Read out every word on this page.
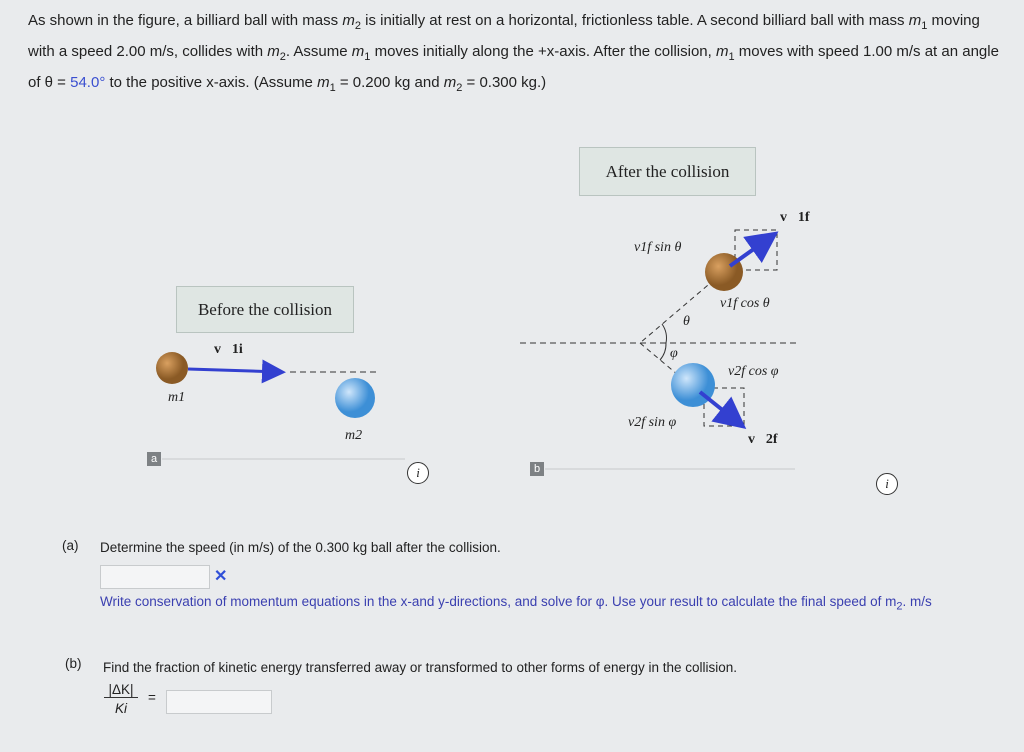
As shown in the figure, a billiard ball with mass $m_2$ is initially at rest on a horizontal, frictionless table. A second billiard ball with mass $m_1$ moving with a speed 2.00 m/s, collides with $m_2$. Assume $m_1$ moves initially along the +x-axis. After the collision, $m_1$ moves with speed 1.00 m/s at an angle of θ = 54.0° to the positive x-axis. (Assume $m_1 = 0.200$ kg and $m_2 = 0.300$ kg.)
After the collision
Before the collision
v⃗1i
m1
m2
a
i
v⃗1f
v1f sin θ
v1f cos θ
θ
φ
v2f cos φ
v2f sin φ
v⃗2f
b
i
(a) Determine the speed (in m/s) of the 0.300 kg ball after the collision.
✕
Write conservation of momentum equations in the x-and y-directions, and solve for φ. Use your result to calculate the final speed of $m_2$. m/s
(b) Find the fraction of kinetic energy transferred away or transformed to other forms of energy in the collision.
|ΔK|
Ki
=
